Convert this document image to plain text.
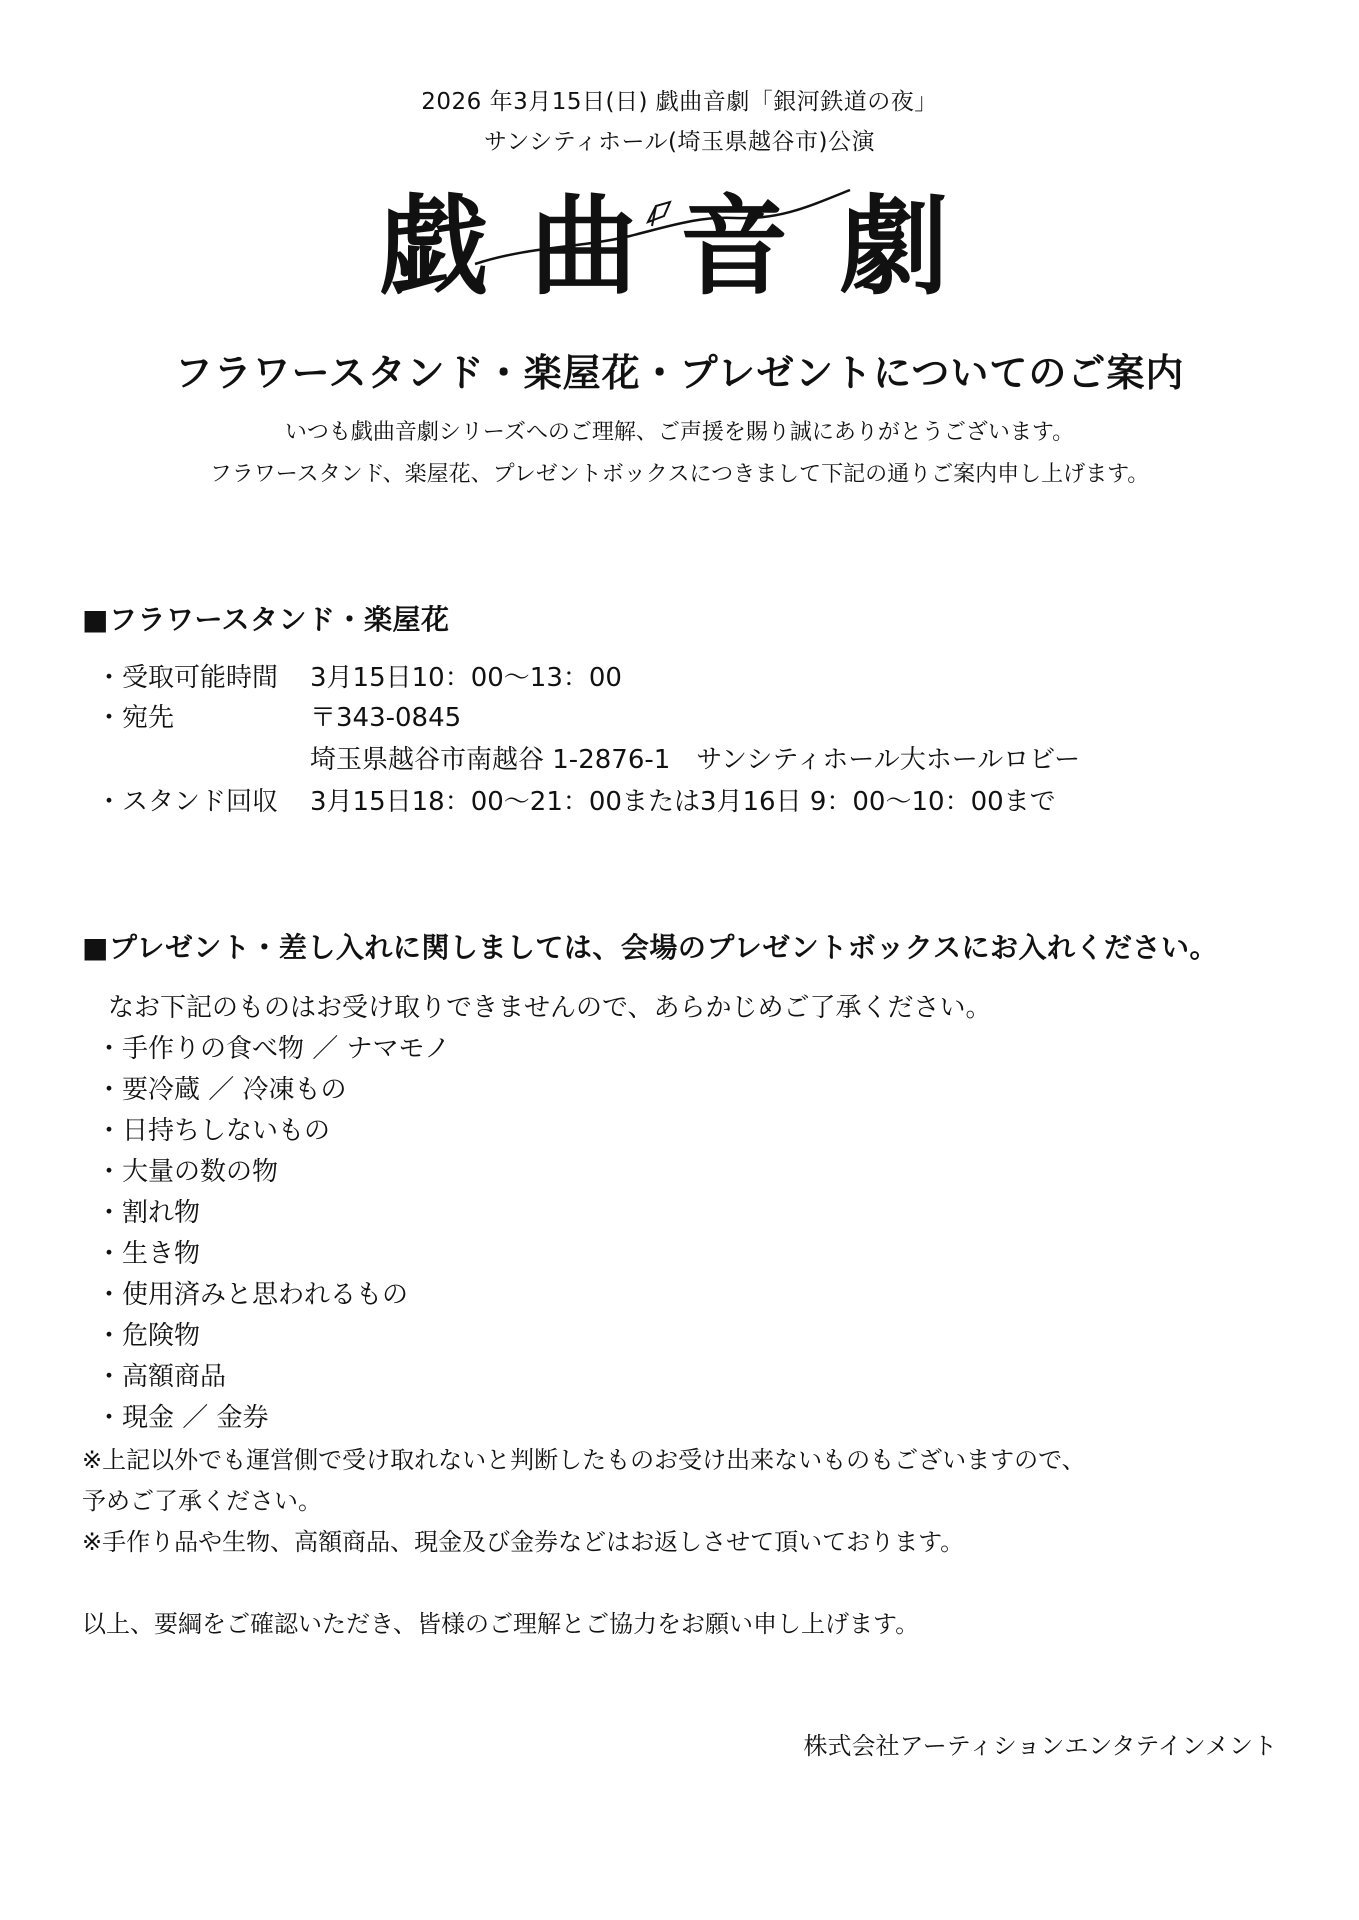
2026 年3月15日(日) 戯曲音劇「銀河鉄道の夜」
サンシティホール(埼玉県越谷市)公演
戯 曲 音 劇
フラワースタンド・楽屋花・プレゼントについてのご案内
いつも戯曲音劇シリーズへのご理解、ご声援を賜り誠にありがとうございます。
フラワースタンド、楽屋花、プレゼントボックスにつきまして下記の通りご案内申し上げます。
■フラワースタンド・楽屋花
・受取可能時間 3月15日10：00～13：00
・宛先	〒343-0845
埼玉県越谷市南越谷 1-2876-1　サンシティホール大ホールロビー
・スタンド回収 3月15日18：00～21：00または3月16日 9：00～10：00まで
■プレゼント・差し入れに関しましては、会場のプレゼントボックスにお入れください。
なお下記のものはお受け取りできませんので、あらかじめご了承ください。
・手作りの食べ物 ／ ナマモノ
・要冷蔵 ／ 冷凍もの
・日持ちしないもの
・大量の数の物
・割れ物
・生き物
・使用済みと思われるもの
・危険物
・高額商品
・現金 ／ 金券
※上記以外でも運営側で受け取れないと判断したものお受け出来ないものもございますので、
予めご了承ください。
※手作り品や生物、高額商品、現金及び金券などはお返しさせて頂いております。
以上、要綱をご確認いただき、皆様のご理解とご協力をお願い申し上げます。
株式会社アーティションエンタテインメント
